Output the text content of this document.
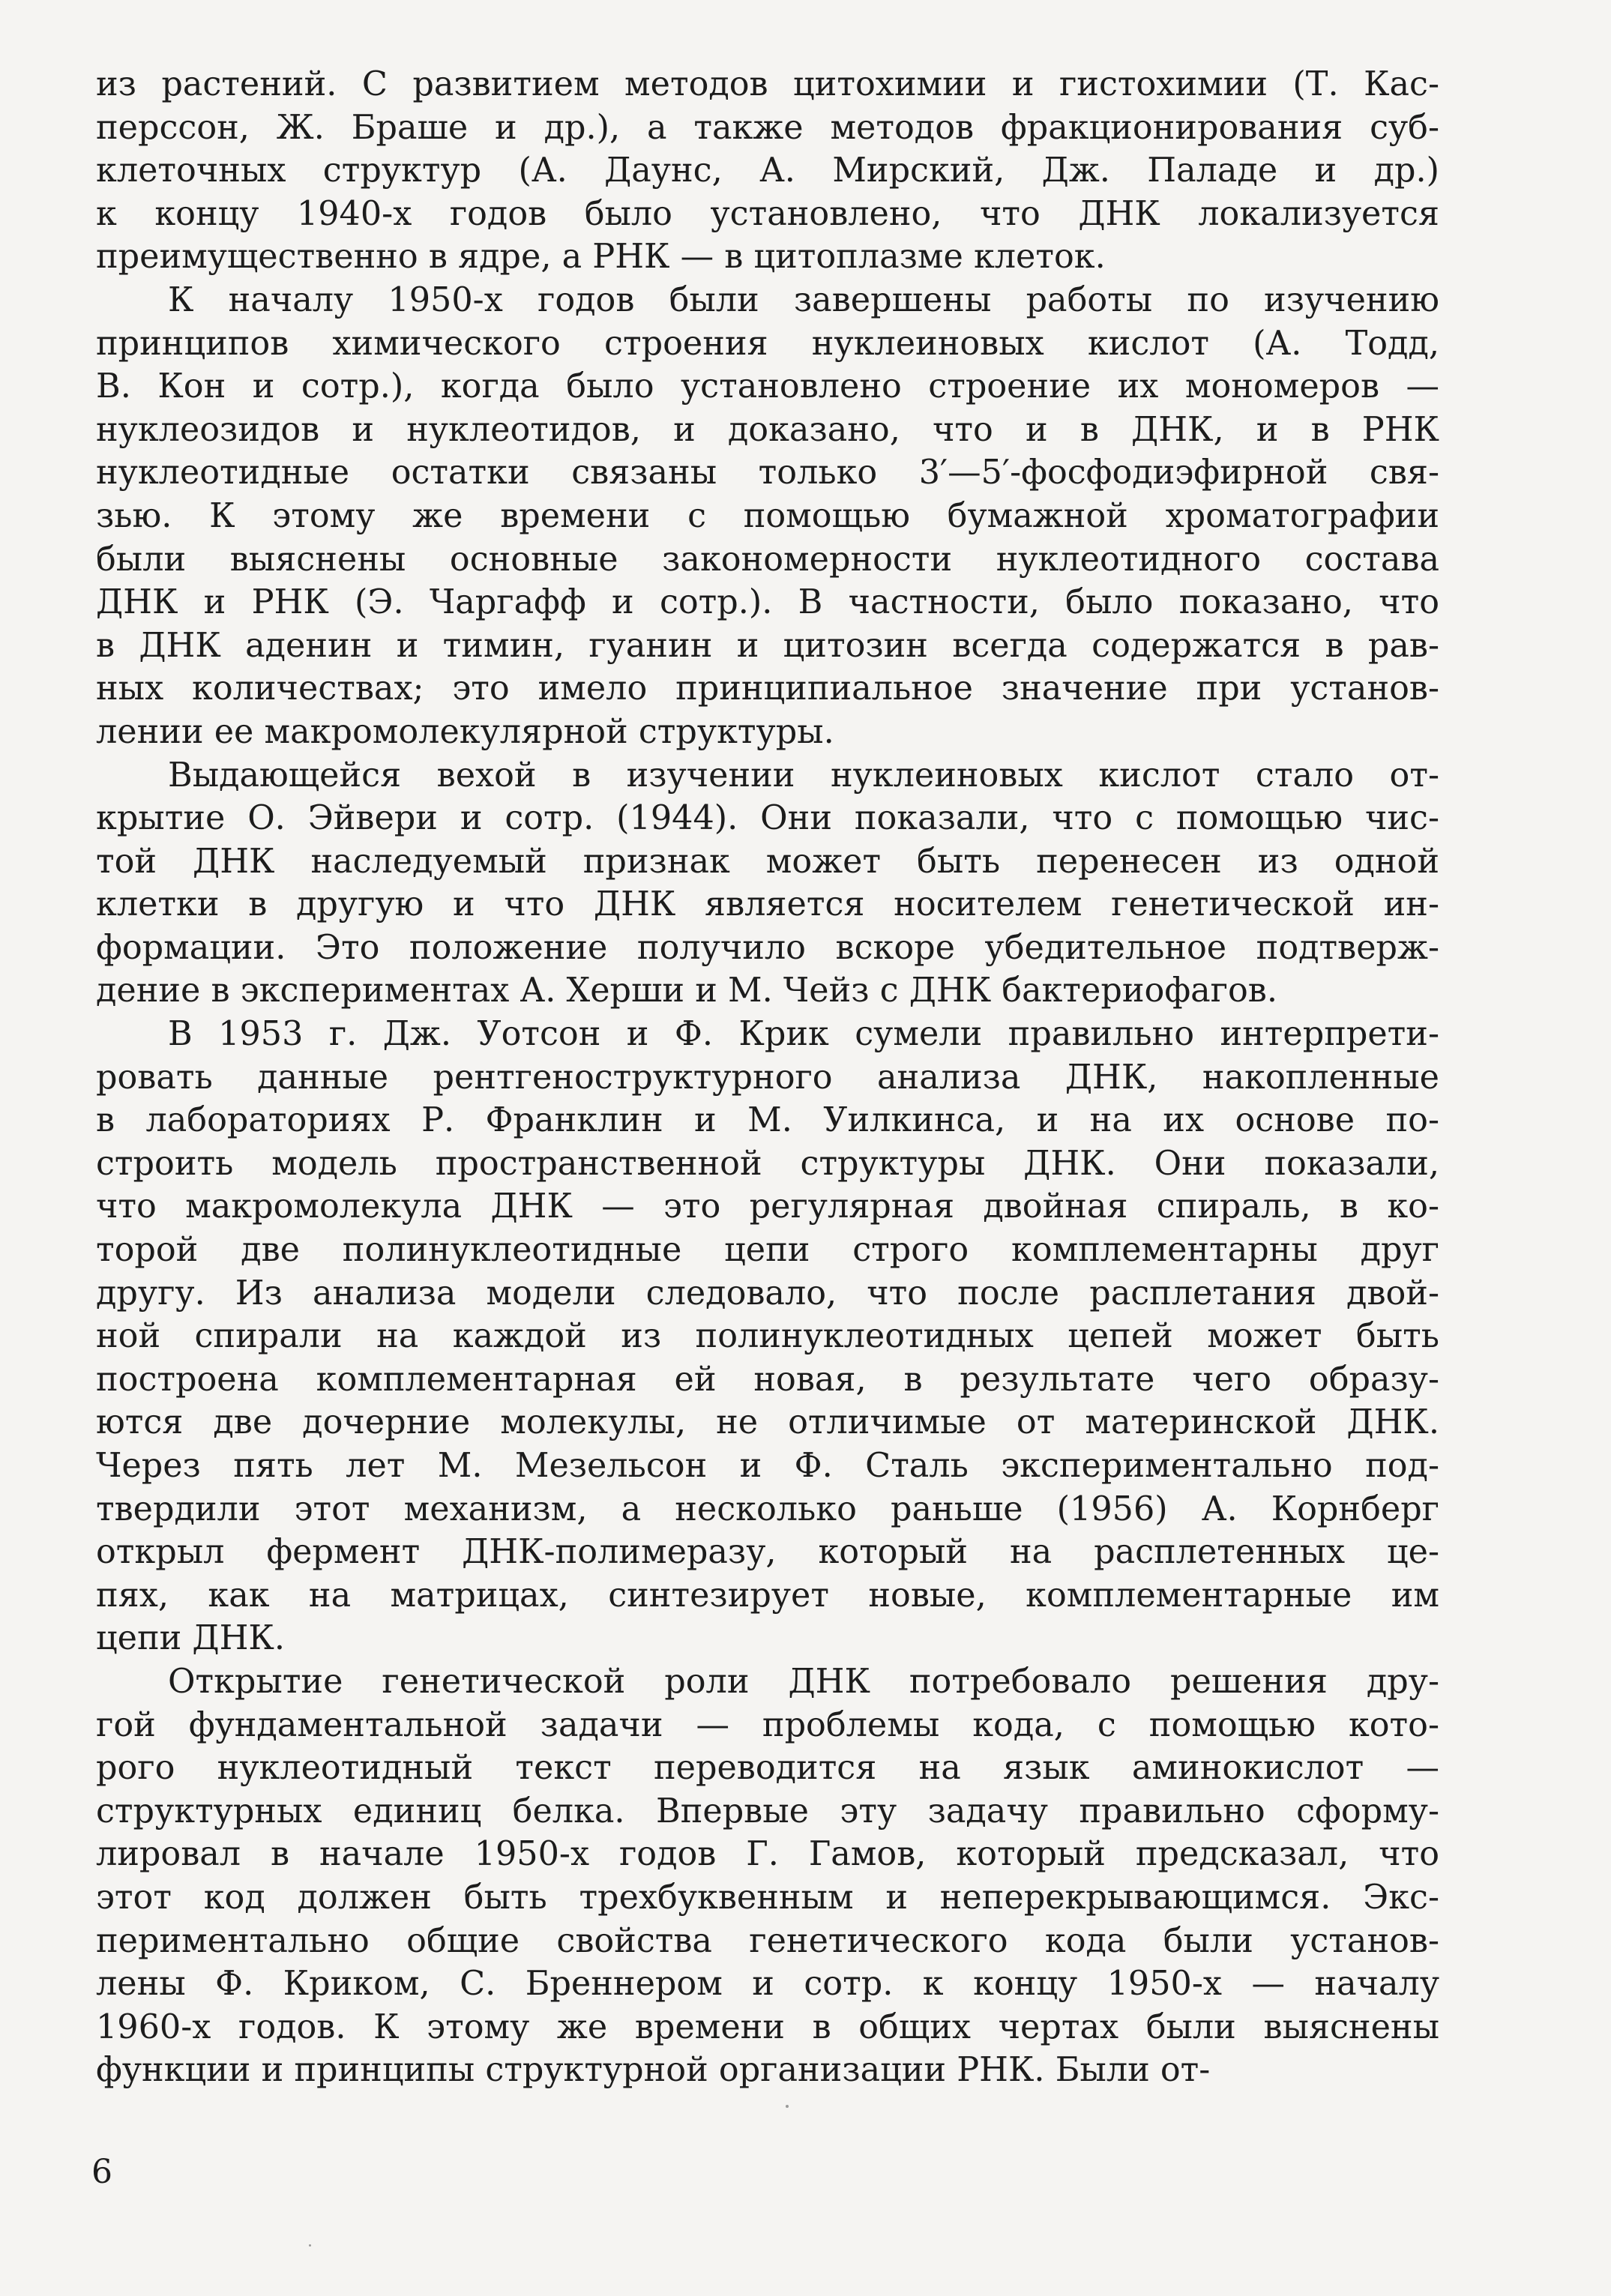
из растений. С развитием методов цитохимии и гистохимии (Т. Кас-
перссон, Ж. Браше и др.), а также методов фракционирования суб-
клеточных структур (А. Даунс, А. Мирский, Дж. Паладе и др.)
к концу 1940-х годов было установлено, что ДНК локализуется
преимущественно в ядре, а РНК — в цитоплазме клеток.
К началу 1950-х годов были завершены работы по изучению
принципов химического строения нуклеиновых кислот (А. Тодд,
В. Кон и сотр.), когда было установлено строение их мономеров —
нуклеозидов и нуклеотидов, и доказано, что и в ДНК, и в РНК
нуклеотидные остатки связаны только 3′—5′-фосфодиэфирной свя-
зью. К этому же времени с помощью бумажной хроматографии
были выяснены основные закономерности нуклеотидного состава
ДНК и РНК (Э. Чаргафф и сотр.). В частности, было показано, что
в ДНК аденин и тимин, гуанин и цитозин всегда содержатся в рав-
ных количествах; это имело принципиальное значение при установ-
лении ее макромолекулярной структуры.
Выдающейся вехой в изучении нуклеиновых кислот стало от-
крытие О. Эйвери и сотр. (1944). Они показали, что с помощью чис-
той ДНК наследуемый признак может быть перенесен из одной
клетки в другую и что ДНК является носителем генетической ин-
формации. Это положение получило вскоре убедительное подтверж-
дение в экспериментах А. Херши и М. Чейз с ДНК бактериофагов.
В 1953 г. Дж. Уотсон и Ф. Крик сумели правильно интерпрети-
ровать данные рентгеноструктурного анализа ДНК, накопленные
в лабораториях Р. Франклин и М. Уилкинса, и на их основе по-
строить модель пространственной структуры ДНК. Они показали,
что макромолекула ДНК — это регулярная двойная спираль, в ко-
торой две полинуклеотидные цепи строго комплементарны друг
другу. Из анализа модели следовало, что после расплетания двой-
ной спирали на каждой из полинуклеотидных цепей может быть
построена комплементарная ей новая, в результате чего образу-
ются две дочерние молекулы, не отличимые от материнской ДНК.
Через пять лет М. Мезельсон и Ф. Сталь экспериментально под-
твердили этот механизм, а несколько раньше (1956) А. Корнберг
открыл фермент ДНК-полимеразу, который на расплетенных це-
пях, как на матрицах, синтезирует новые, комплементарные им
цепи ДНК.
Открытие генетической роли ДНК потребовало решения дру-
гой фундаментальной задачи — проблемы кода, с помощью кото-
рого нуклеотидный текст переводится на язык аминокислот —
структурных единиц белка. Впервые эту задачу правильно сформу-
лировал в начале 1950-х годов Г. Гамов, который предсказал, что
этот код должен быть трехбуквенным и неперекрывающимся. Экс-
периментально общие свойства генетического кода были установ-
лены Ф. Криком, С. Бреннером и сотр. к концу 1950-х — началу
1960-х годов. К этому же времени в общих чертах были выяснены
функции и принципы структурной организации РНК. Были от-
6
